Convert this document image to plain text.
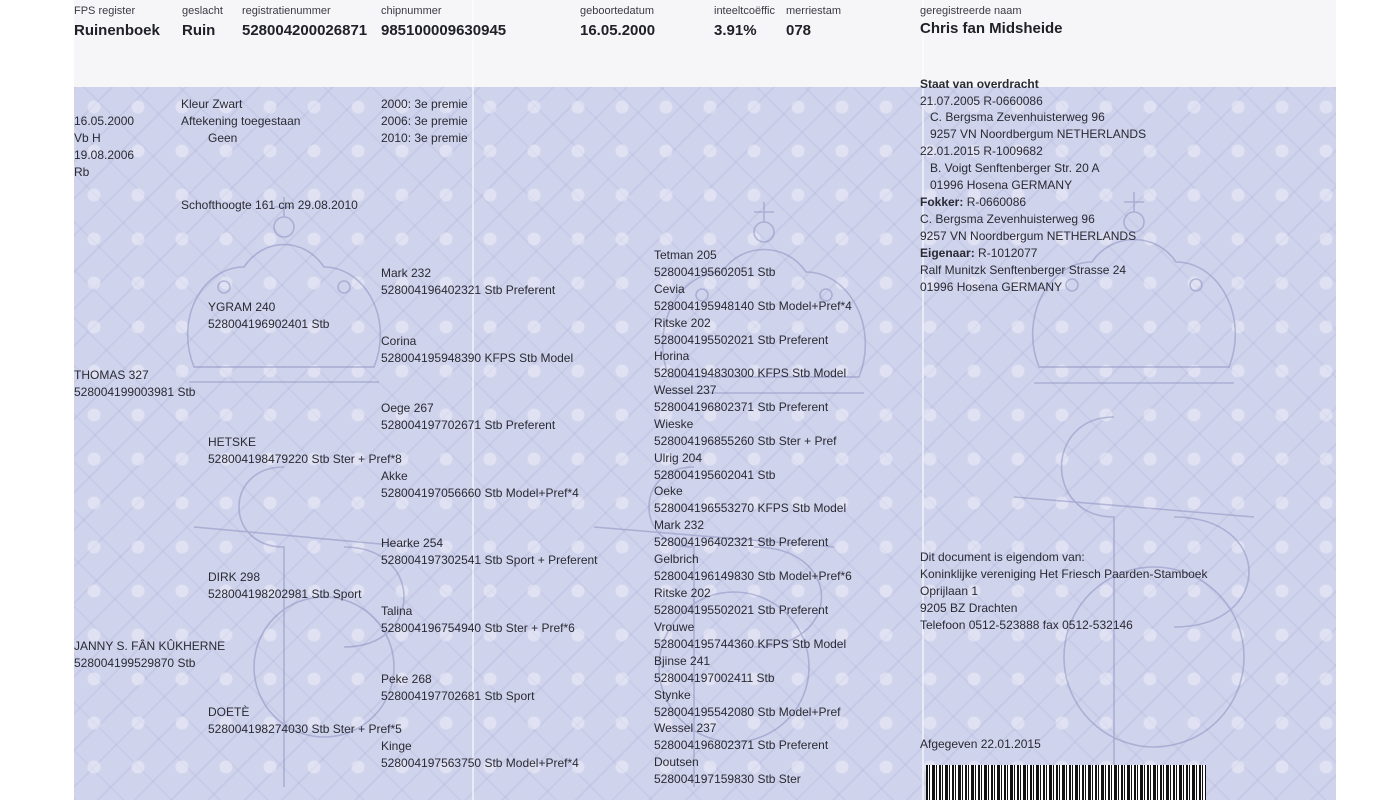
FPS register	geslacht registratienummer	chipnummer	geboortedatum	inteeltcoëffic merriestam	geregistreerde naam
Ruinenboek Ruin 528004200026871 985100009630945	16.05.2000	3.91% 078	Chris fan Midsheide
16.05.2000
Vb H
19.08.2006
Rb
Kleur Zwart
Aftekening toegestaan
Geen
Schofthoogte 161 cm 29.08.2010
2000: 3e premie
2006: 3e premie
2010: 3e premie
THOMAS 327
528004199003981 Stb
JANNY S. FÂN KÛKHERNE
528004199529870 Stb
YGRAM 240
528004196902401 Stb
HETSKE
528004198479220 Stb Ster + Pref*8
DIRK 298
528004198202981 Stb Sport
DOETÈ
528004198274030 Stb Ster + Pref*5
Mark 232
528004196402321 Stb Preferent
Corina
528004195948390 KFPS Stb Model
Oege 267
528004197702671 Stb Preferent
Akke
528004197056660 Stb Model+Pref*4
Hearke 254
528004197302541 Stb Sport + Preferent
Talina
528004196754940 Stb Ster + Pref*6
Peke 268
528004197702681 Stb Sport
Kinge
528004197563750 Stb Model+Pref*4
Tetman 205
528004195602051 Stb
Cevia
528004195948140 Stb Model+Pref*4
Ritske 202
528004195502021 Stb Preferent
Horina
528004194830300 KFPS Stb Model
Wessel 237
528004196802371 Stb Preferent
Wieske
528004196855260 Stb Ster + Pref
Ulrig 204
528004195602041 Stb
Oeke
528004196553270 KFPS Stb Model
Mark 232
528004196402321 Stb Preferent
Gelbrich
528004196149830 Stb Model+Pref*6
Ritske 202
528004195502021 Stb Preferent
Vrouwe
528004195744360 KFPS Stb Model
Bjinse 241
528004197002411 Stb
Stynke
528004195542080 Stb Model+Pref
Wessel 237
528004196802371 Stb Preferent
Doutsen
528004197159830 Stb Ster
Staat van overdracht
21.07.2005 R-0660086
C. Bergsma Zevenhuisterweg 96
9257 VN Noordbergum NETHERLANDS
22.01.2015 R-1009682
B. Voigt Senftenberger Str. 20 A
01996 Hosena GERMANY
Fokker: R-0660086
C. Bergsma Zevenhuisterweg 96
9257 VN Noordbergum NETHERLANDS
Eigenaar: R-1012077
Ralf Munitzk Senftenberger Strasse 24
01996 Hosena GERMANY
Dit document is eigendom van:
Koninklijke vereniging Het Friesch Paarden-Stamboek
Oprijlaan 1
9205 BZ Drachten
Telefoon 0512-523888 fax 0512-532146
Afgegeven 22.01.2015
